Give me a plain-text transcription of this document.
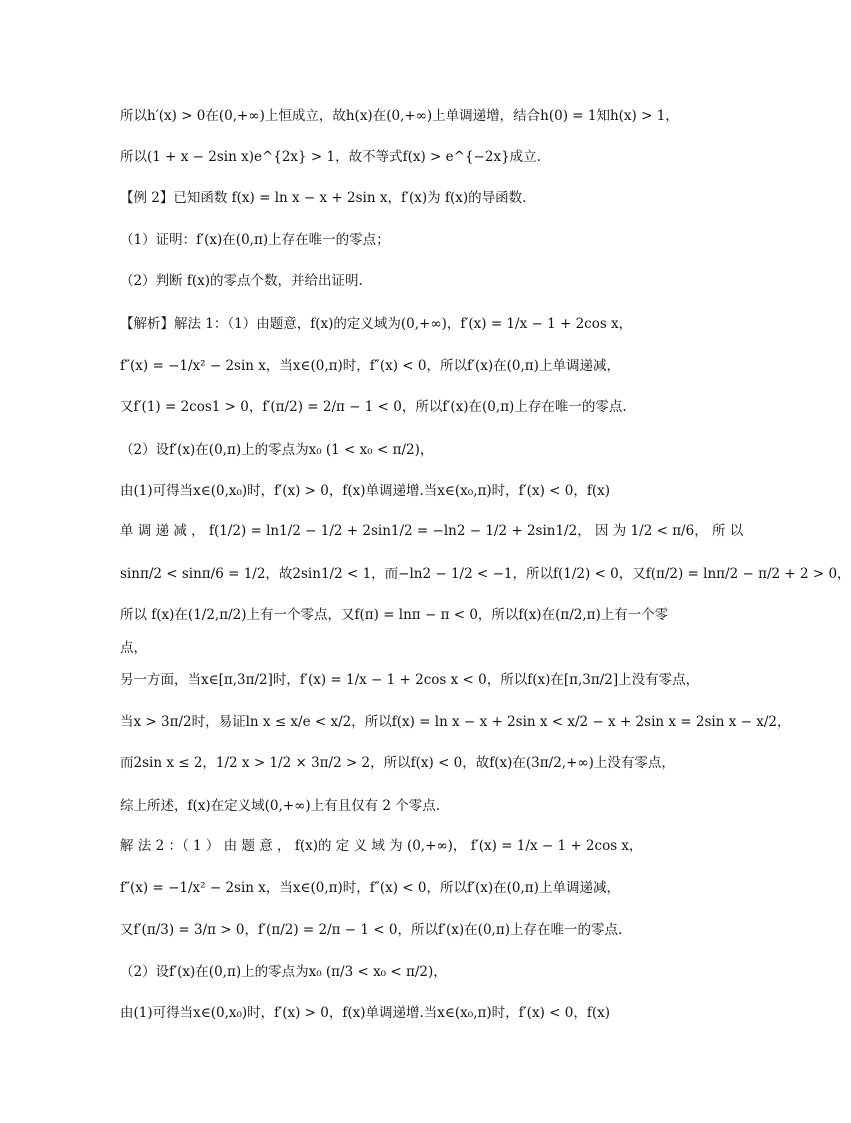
所以h′(x) > 0在(0,+∞)上恒成立，故h(x)在(0,+∞)上单调递增，结合h(0) = 1知h(x) > 1，
所以(1 + x − 2sin x)e^{2x} > 1，故不等式f(x) > e^{−2x}成立.
【例 2】已知函数 f(x) = ln x − x + 2sin x，f′(x)为 f(x)的导函数.
（1）证明：f′(x)在(0,π)上存在唯一的零点；
（2）判断 f(x)的零点个数，并给出证明.
【解析】解法 1：（1）由题意，f(x)的定义域为(0,+∞)，f′(x) = 1/x − 1 + 2cos x，
f″(x) = −1/x² − 2sin x，当x∈(0,π)时，f″(x) < 0，所以f′(x)在(0,π)上单调递减，
又f′(1) = 2cos1 > 0，f′(π/2) = 2/π − 1 < 0，所以f′(x)在(0,π)上存在唯一的零点.
（2）设f′(x)在(0,π)上的零点为x₀ (1 < x₀ < π/2)，
由(1)可得当x∈(0,x₀)时，f′(x) > 0，f(x)单调递增.当x∈(x₀,π)时，f′(x) < 0，f(x)
单 调 递 减 ， f(1/2) = ln1/2 − 1/2 + 2sin1/2 = −ln2 − 1/2 + 2sin1/2， 因 为 1/2 < π/6， 所 以
sinπ/2 < sinπ/6 = 1/2，故2sin1/2 < 1，而−ln2 − 1/2 < −1，所以f(1/2) < 0，又f(π/2) = lnπ/2 − π/2 + 2 > 0，
所以 f(x)在(1/2,π/2)上有一个零点，又f(π) = lnπ − π < 0，所以f(x)在(π/2,π)上有一个零
点，
另一方面，当x∈[π,3π/2]时，f′(x) = 1/x − 1 + 2cos x < 0，所以f(x)在[π,3π/2]上没有零点，
当x > 3π/2时，易证ln x ≤ x/e < x/2，所以f(x) = ln x − x + 2sin x < x/2 − x + 2sin x = 2sin x − x/2，
而2sin x ≤ 2，1/2 x > 1/2 × 3π/2 > 2，所以f(x) < 0，故f(x)在(3π/2,+∞)上没有零点，
综上所述，f(x)在定义域(0,+∞)上有且仅有 2 个零点.
解 法 2 ：（ 1 ） 由 题 意 ， f(x)的 定 义 域 为 (0,+∞)， f′(x) = 1/x − 1 + 2cos x，
f″(x) = −1/x² − 2sin x，当x∈(0,π)时，f″(x) < 0，所以f′(x)在(0,π)上单调递减，
又f′(π/3) = 3/π > 0，f′(π/2) = 2/π − 1 < 0，所以f′(x)在(0,π)上存在唯一的零点.
（2）设f′(x)在(0,π)上的零点为x₀ (π/3 < x₀ < π/2)，
由(1)可得当x∈(0,x₀)时，f′(x) > 0，f(x)单调递增.当x∈(x₀,π)时，f′(x) < 0，f(x)
